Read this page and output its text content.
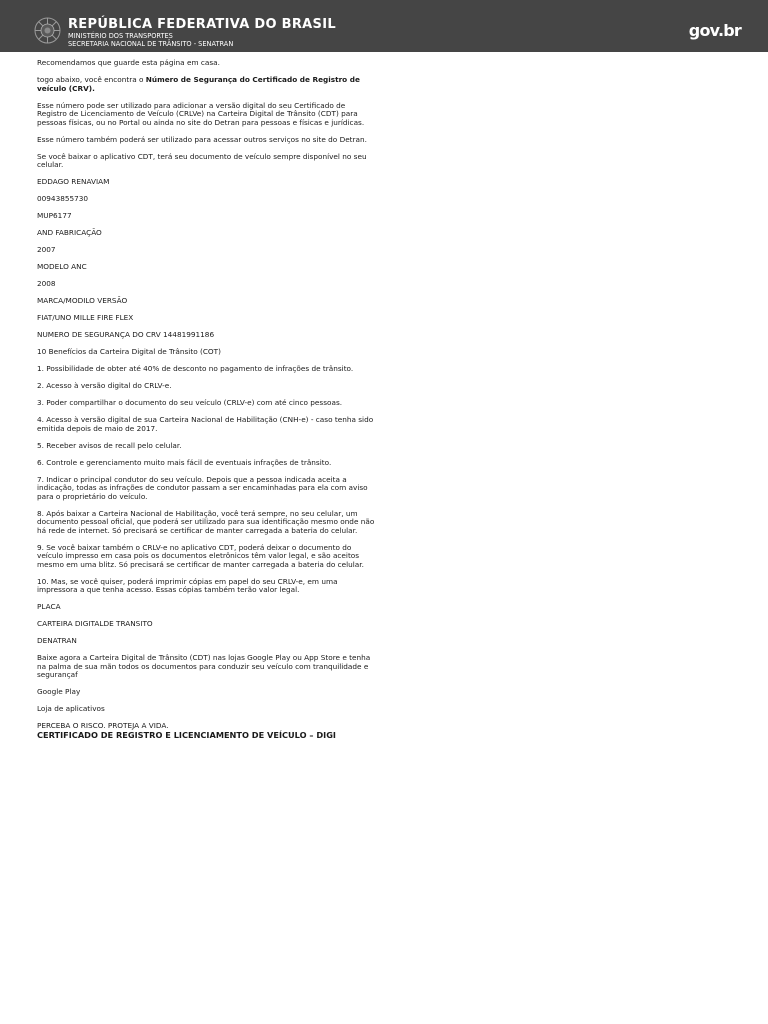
REPÚBLICA FEDERATIVA DO BRASIL
MINISTÉRIO DOS TRANSPORTES
SECRETARIA NACIONAL DE TRÂNSITO - SENATRAN
gov.br

Recomendamos que guarde esta página em casa.

togo abaixo, você encontra o Número de Segurança do Certificado de Registro de veículo (CRV).

Esse número pode ser utilizado para adicionar a versão digital do seu Certificado de Registro de Licenciamento de Veículo (CRLVe) na Carteira Digital de Trânsito (CDT) para pessoas físicas, ou no Portal ou ainda no site do Detran para pessoas e físicas e jurídicas.

Esse número também poderá ser utilizado para acessar outros serviços no site do Detran.

Se você baixar o aplicativo CDT, terá seu documento de veículo sempre disponível no seu celular.

EDDAGO RENAVIAM

00943855730

MUP6177

AND FABRICAÇÃO

2007

MODELO ANC

2008

MARCA/MODILO VERSÃO

FIAT/UNO MILLE FIRE FLEX

NUMERO DE SEGURANÇA DO CRV 14481991186

10 Benefícios da Carteira Digital de Trânsito (COT)

1. Possibilidade de obter até 40% de desconto no pagamento de infrações de trânsito.

2. Acesso à versão digital do CRLV-e.

3. Poder compartilhar o documento do seu veículo (CRLV-e) com até cinco pessoas.

4. Acesso à versão digital de sua Carteira Nacional de Habilitação (CNH-e) - caso tenha sido emitida depois de maio de 2017.

5. Receber avisos de recall pelo celular.

6. Controle e gerenciamento muito mais fácil de eventuais infrações de trânsito.

7. Indicar o principal condutor do seu veículo. Depois que a pessoa indicada aceita a indicação, todas as infrações de condutor passam a ser encaminhadas para ela com aviso para o proprietário do veículo.

8. Após baixar a Carteira Nacional de Habilitação, você terá sempre, no seu celular, um documento pessoal oficial, que poderá ser utilizado para sua identificação mesmo onde não há rede de internet. Só precisará se certificar de manter carregada a bateria do celular.

9. Se você baixar também o CRLV-e no aplicativo CDT, poderá deixar o documento do veículo impresso em casa pois os documentos eletrônicos têm valor legal, e são aceitos mesmo em uma blitz. Só precisará se certificar de manter carregada a bateria do celular.

10. Mas, se você quiser, poderá imprimir cópias em papel do seu CRLV-e, em uma impressora a que tenha acesso. Essas cópias também terão valor legal.

PLACA

CARTEIRA DIGITALDE TRANSITO

DENATRAN

Baixe agora a Carteira Digital de Trânsito (CDT) nas lojas Google Play ou App Store e tenha na palma de sua mãn todos os documentos para conduzir seu veículo com tranquilidade e segurançaf

Google Play

Loja de aplicativos

PERCEBA O RISCO. PROTEJA A VIDA.

CERTIFICADO DE REGISTRO E LICENCIAMENTO DE VEÍCULO – DIGI
